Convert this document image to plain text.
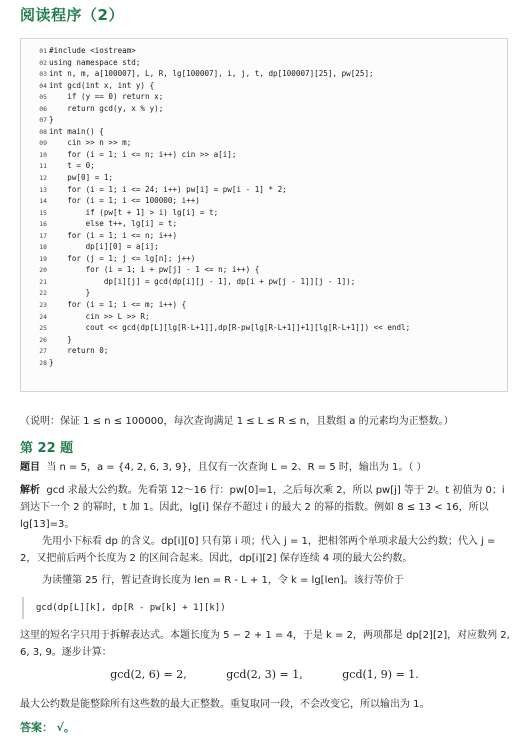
阅读程序（2）
01 #include <iostream>
02 using namespace std;
03 int n, m, a[100007], L, R, lg[100007], i, j, t, dp[100007][25], pw[25];
04 int gcd(int x, int y) {
05    if (y == 0) return x;
06    return gcd(y, x % y);
07 }
08 int main() {
09    cin >> n >> m;
10    for (i = 1; i <= n; i++) cin >> a[i];
11    t = 0;
12    pw[0] = 1;
13    for (i = 1; i <= 24; i++) pw[i] = pw[i - 1] * 2;
14    for (i = 1; i <= 100000; i++)
15        if (pw[t + 1] > i) lg[i] = t;
16        else t++, lg[i] = t;
17    for (i = 1; i <= n; i++)
18        dp[i][0] = a[i];
19    for (j = 1; j <= lg[n]; j++)
20        for (i = 1; i + pw[j] - 1 <= n; i++) {
21            dp[i][j] = gcd(dp[i][j - 1], dp[i + pw[j - 1]][j - 1]);
22        }
23    for (i = 1; i <= m; i++) {
24        cin >> L >> R;
25        cout << gcd(dp[L][lg[R-L+1]],dp[R-pw[lg[R-L+1]]+1][lg[R-L+1]]) << endl;
26    }
27    return 0;
28 }
（说明：保证 1 ≤ n ≤ 100000，每次查询满足 1 ≤ L ≤ R ≤ n，且数组 a 的元素均为正整数。）
第 22 题
题目 当 n = 5，a = {4, 2, 6, 3, 9}，且仅有一次查询 L = 2、R = 5 时，输出为 1。（ ）
解析 gcd 求最大公约数。先看第 12～16 行：pw[0]=1，之后每次乘 2，所以 pw[j] 等于 2ʲ。t 初值为 0；i 到达下一个 2 的幂时，t 加 1。因此，lg[i] 保存不超过 i 的最大 2 的幂的指数。例如 8 ≤ 13 < 16，所以 lg[13]=3。
先用小下标看 dp 的含义。dp[i][0] 只有第 i 项；代入 j = 1，把相邻两个单项求最大公约数；代入 j = 2，又把前后两个长度为 2 的区间合起来。因此，dp[i][2] 保存连续 4 项的最大公约数。
为读懂第 25 行，暂记查询长度为 len = R - L + 1，令 k = lg[len]。该行等价于
gcd(dp[L][k], dp[R - pw[k] + 1][k])
这里的短名字只用于拆解表达式。本题长度为 5 − 2 + 1 = 4，于是 k = 2，两项都是 dp[2][2]，对应数列 2, 6, 3, 9。逐步计算：
gcd(2, 6) = 2,	gcd(2, 3) = 1,	gcd(1, 9) = 1.
最大公约数是能整除所有这些数的最大正整数。重复取同一段，不会改变它，所以输出为 1。
答案： √。
